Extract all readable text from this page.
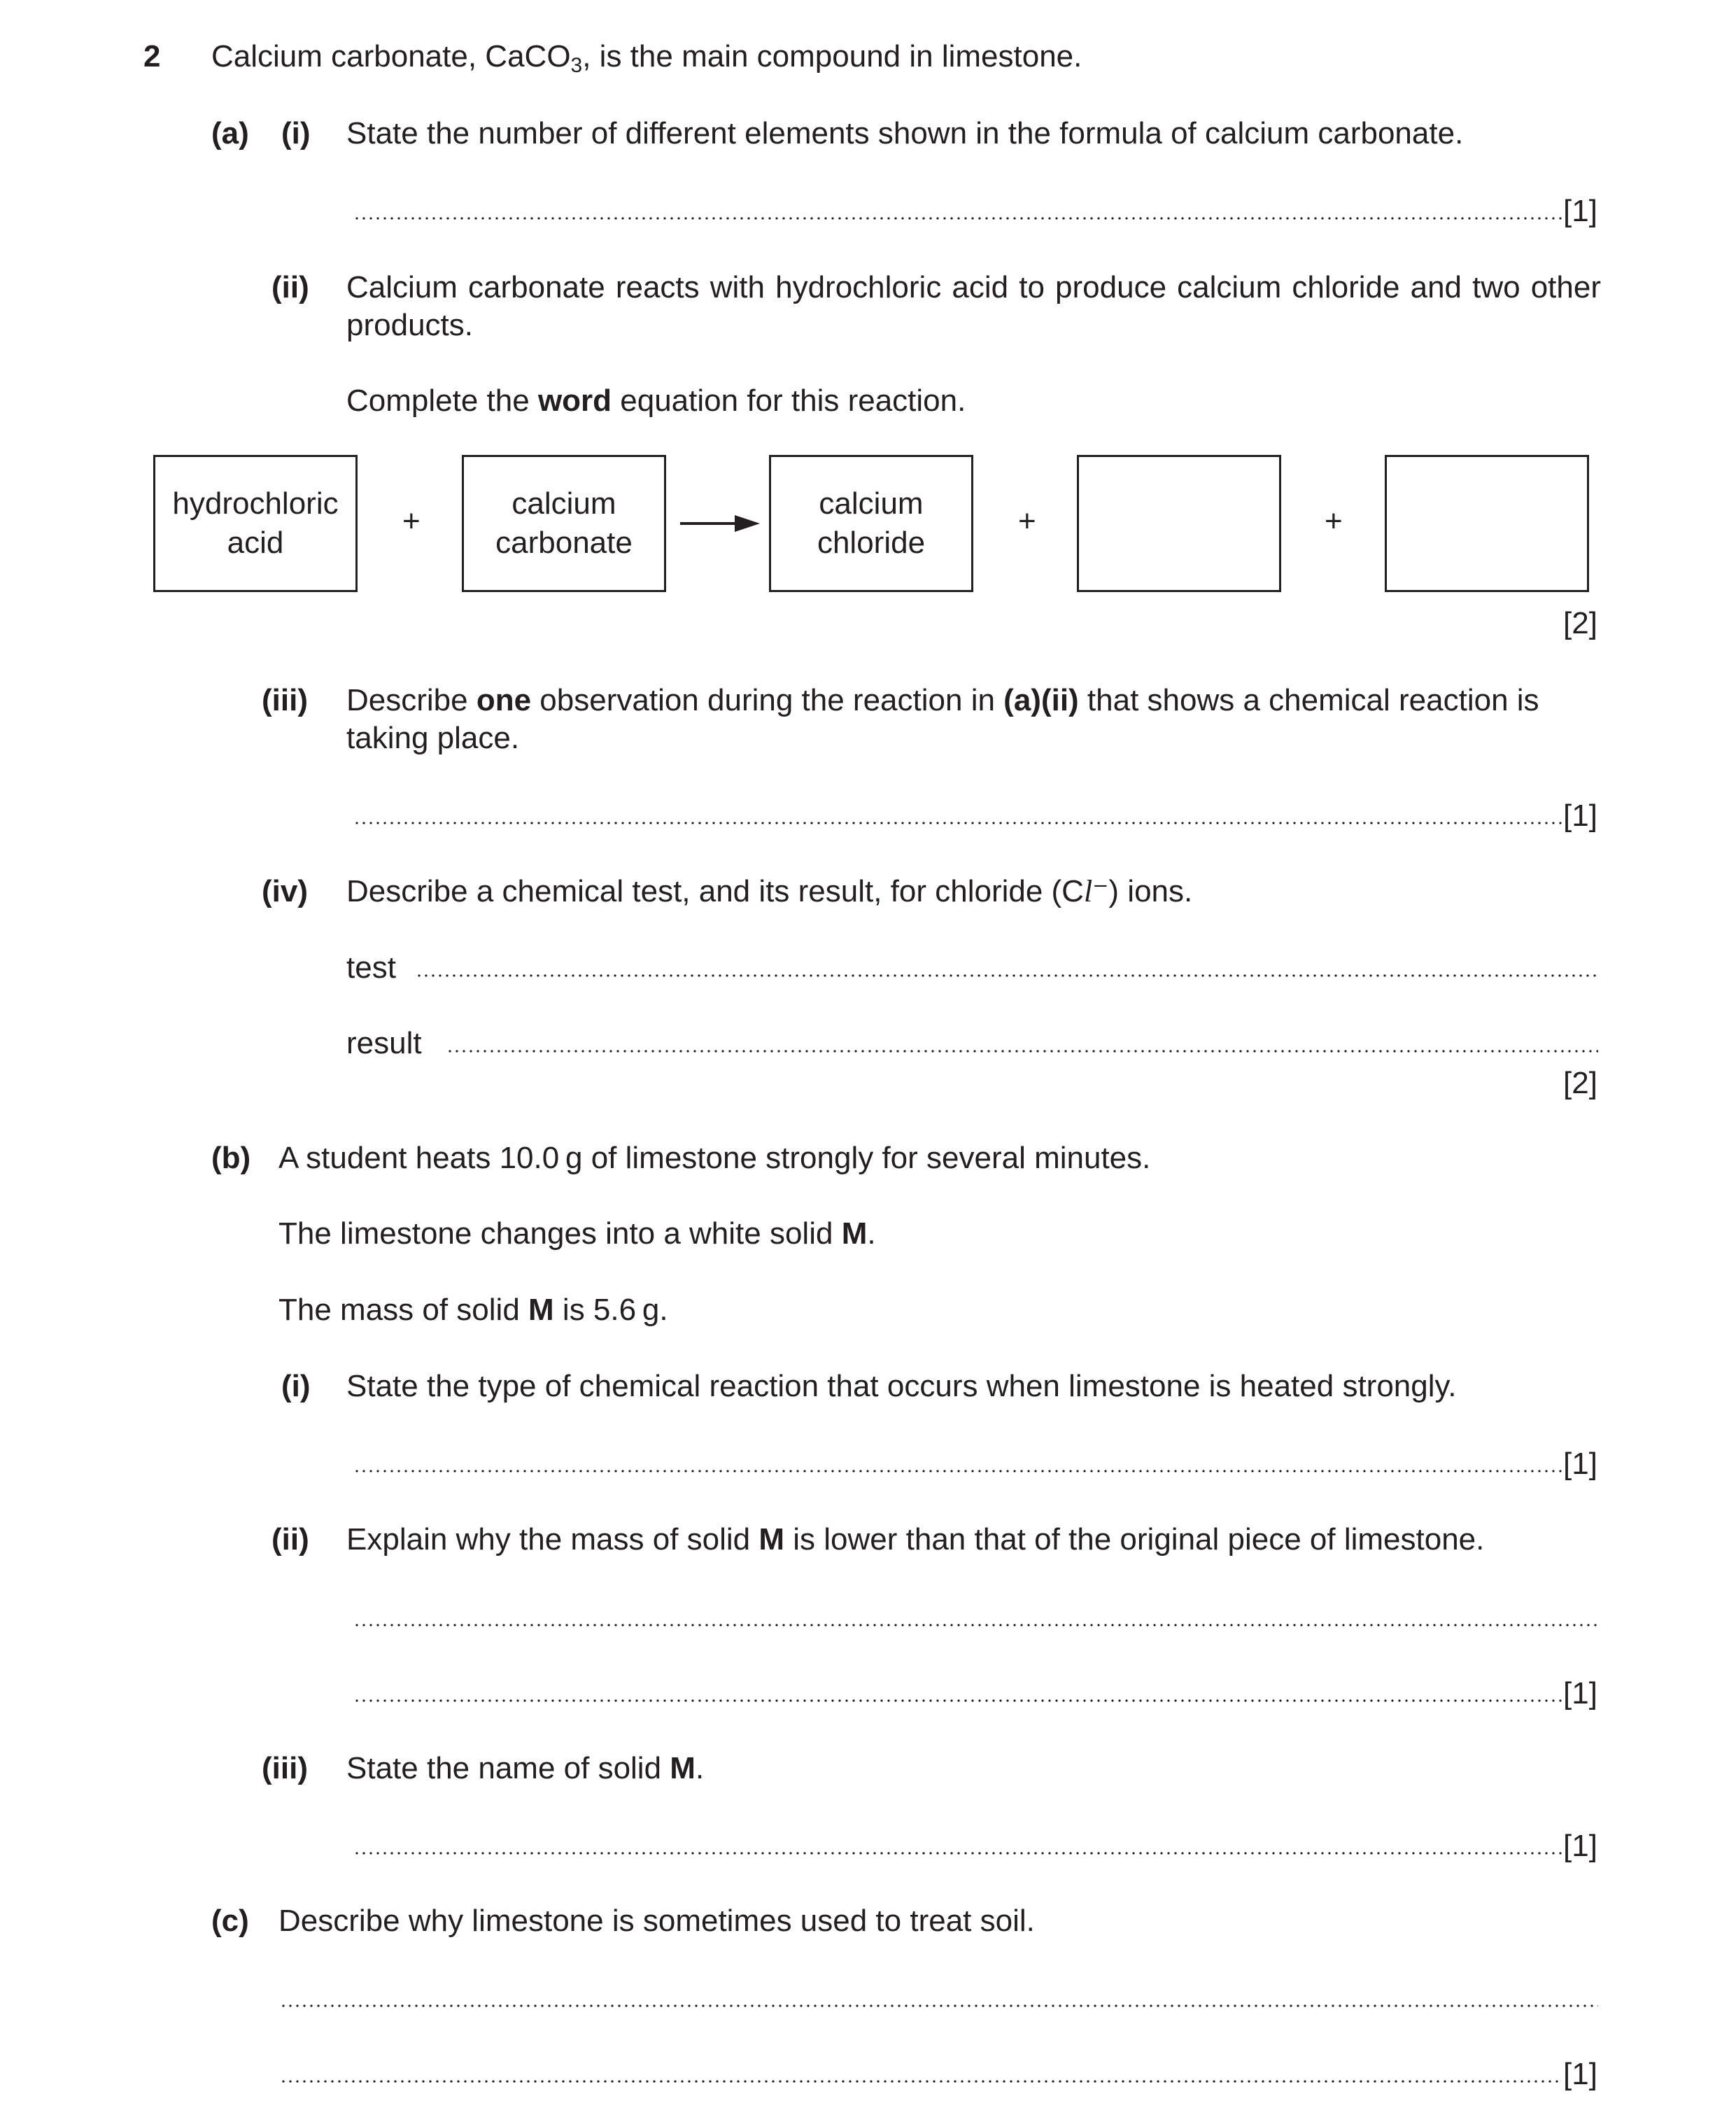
2 Calcium carbonate, CaCO$_3$, is the main compound in limestone.
(a) (i) State the number of different elements shown in the formula of calcium carbonate.
[1]
(ii) Calcium carbonate reacts with hydrochloric acid to produce calcium chloride and two other products.
Complete the word equation for this reaction.
hydrochloric
acid
+
calcium
carbonate
calcium
chloride
+	+
[2]
(iii) Describe one observation during the reaction in (a)(ii) that shows a chemical reaction is
taking place.
[1]
(iv) Describe a chemical test, and its result, for chloride (Cl⁻) ions.
test
result
[2]
(b) A student heats 10.0 g of limestone strongly for several minutes.
The limestone changes into a white solid M.
The mass of solid M is 5.6 g.
(i) State the type of chemical reaction that occurs when limestone is heated strongly.
[1]
(ii) Explain why the mass of solid M is lower than that of the original piece of limestone.
[1]
(iii) State the name of solid M.
[1]
(c) Describe why limestone is sometimes used to treat soil.
[1]
